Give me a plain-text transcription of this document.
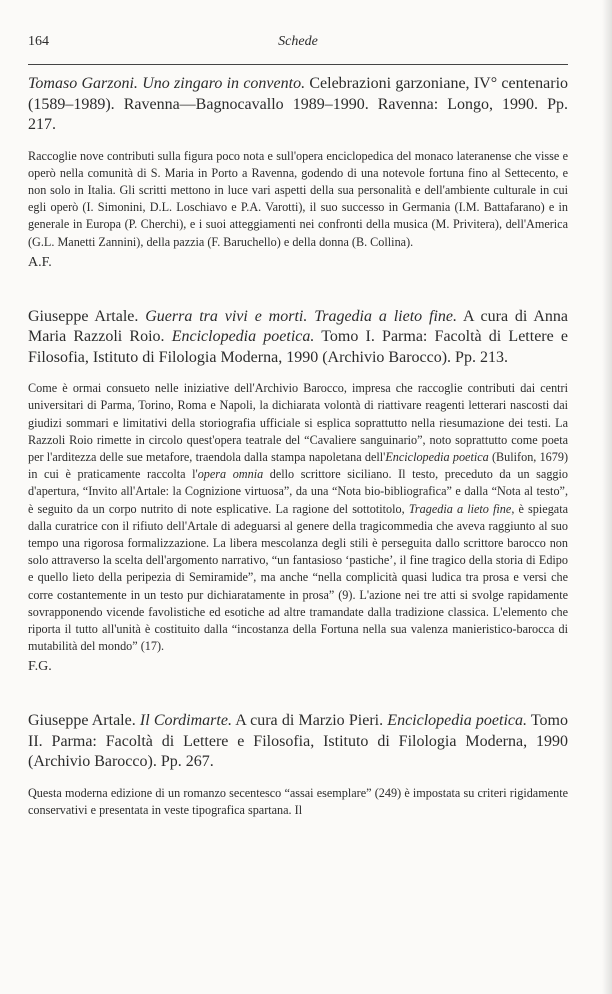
164	Schede

Tomaso Garzoni. Uno zingaro in convento. Celebrazioni garzoniane, IV° centenario (1589–1989). Ravenna—Bagnocavallo 1989–1990. Ravenna: Longo, 1990. Pp. 217.

Raccoglie nove contributi sulla figura poco nota e sull'opera enciclopedica del monaco lateranense che visse e operò nella comunità di S. Maria in Porto a Ravenna, godendo di una notevole fortuna fino al Settecento, e non solo in Italia. Gli scritti mettono in luce vari aspetti della sua personalità e dell'ambiente culturale in cui egli operò (I. Simonini, D.L. Loschiavo e P.A. Varotti), il suo successo in Germania (I.M. Battafarano) e in generale in Europa (P. Cherchi), e i suoi atteggiamenti nei confronti della musica (M. Privitera), dell'America (G.L. Manetti Zannini), della pazzia (F. Baruchello) e della donna (B. Collina).

A.F.

Giuseppe Artale. Guerra tra vivi e morti. Tragedia a lieto fine. A cura di Anna Maria Razzoli Roio. Enciclopedia poetica. Tomo I. Parma: Facoltà di Lettere e Filosofia, Istituto di Filologia Moderna, 1990 (Archivio Barocco). Pp. 213.

Come è ormai consueto nelle iniziative dell'Archivio Barocco, impresa che raccoglie contributi dai centri universitari di Parma, Torino, Roma e Napoli, la dichiarata volontà di riattivare reagenti letterari nascosti dai giudizi sommari e limitativi della storiografia ufficiale si esplica soprattutto nella riesumazione dei testi. La Razzoli Roio rimette in circolo quest'opera teatrale del “Cavaliere sanguinario”, noto soprattutto come poeta per l'arditezza delle sue metafore, traendola dalla stampa napoletana dell'Enciclopedia poetica (Bulifon, 1679) in cui è praticamente raccolta l'opera omnia dello scrittore siciliano. Il testo, preceduto da un saggio d'apertura, “Invito all'Artale: la Cognizione virtuosa”, da una “Nota bio-bibliografica” e dalla “Nota al testo”, è seguito da un corpo nutrito di note esplicative. La ragione del sottotitolo, Tragedia a lieto fine, è spiegata dalla curatrice con il rifiuto dell'Artale di adeguarsi al genere della tragicommedia che aveva raggiunto al suo tempo una rigorosa formalizzazione. La libera mescolanza degli stili è perseguita dallo scrittore barocco non solo attraverso la scelta dell'argomento narrativo, “un fantasioso ‘pastiche’, il fine tragico della storia di Edipo e quello lieto della peripezia di Semiramide”, ma anche “nella complicità quasi ludica tra prosa e versi che corre costantemente in un testo pur dichiaratamente in prosa” (9). L'azione nei tre atti si svolge rapidamente sovrapponendo vicende favolistiche ed esotiche ad altre tramandate dalla tradizione classica. L'elemento che riporta il tutto all'unità è costituito dalla “incostanza della Fortuna nella sua valenza manieristico-barocca di mutabilità del mondo” (17).

F.G.

Giuseppe Artale. Il Cordimarte. A cura di Marzio Pieri. Enciclopedia poetica. Tomo II. Parma: Facoltà di Lettere e Filosofia, Istituto di Filologia Moderna, 1990 (Archivio Barocco). Pp. 267.

Questa moderna edizione di un romanzo secentesco “assai esemplare” (249) è impostata su criteri rigidamente conservativi e presentata in veste tipografica spartana. Il
